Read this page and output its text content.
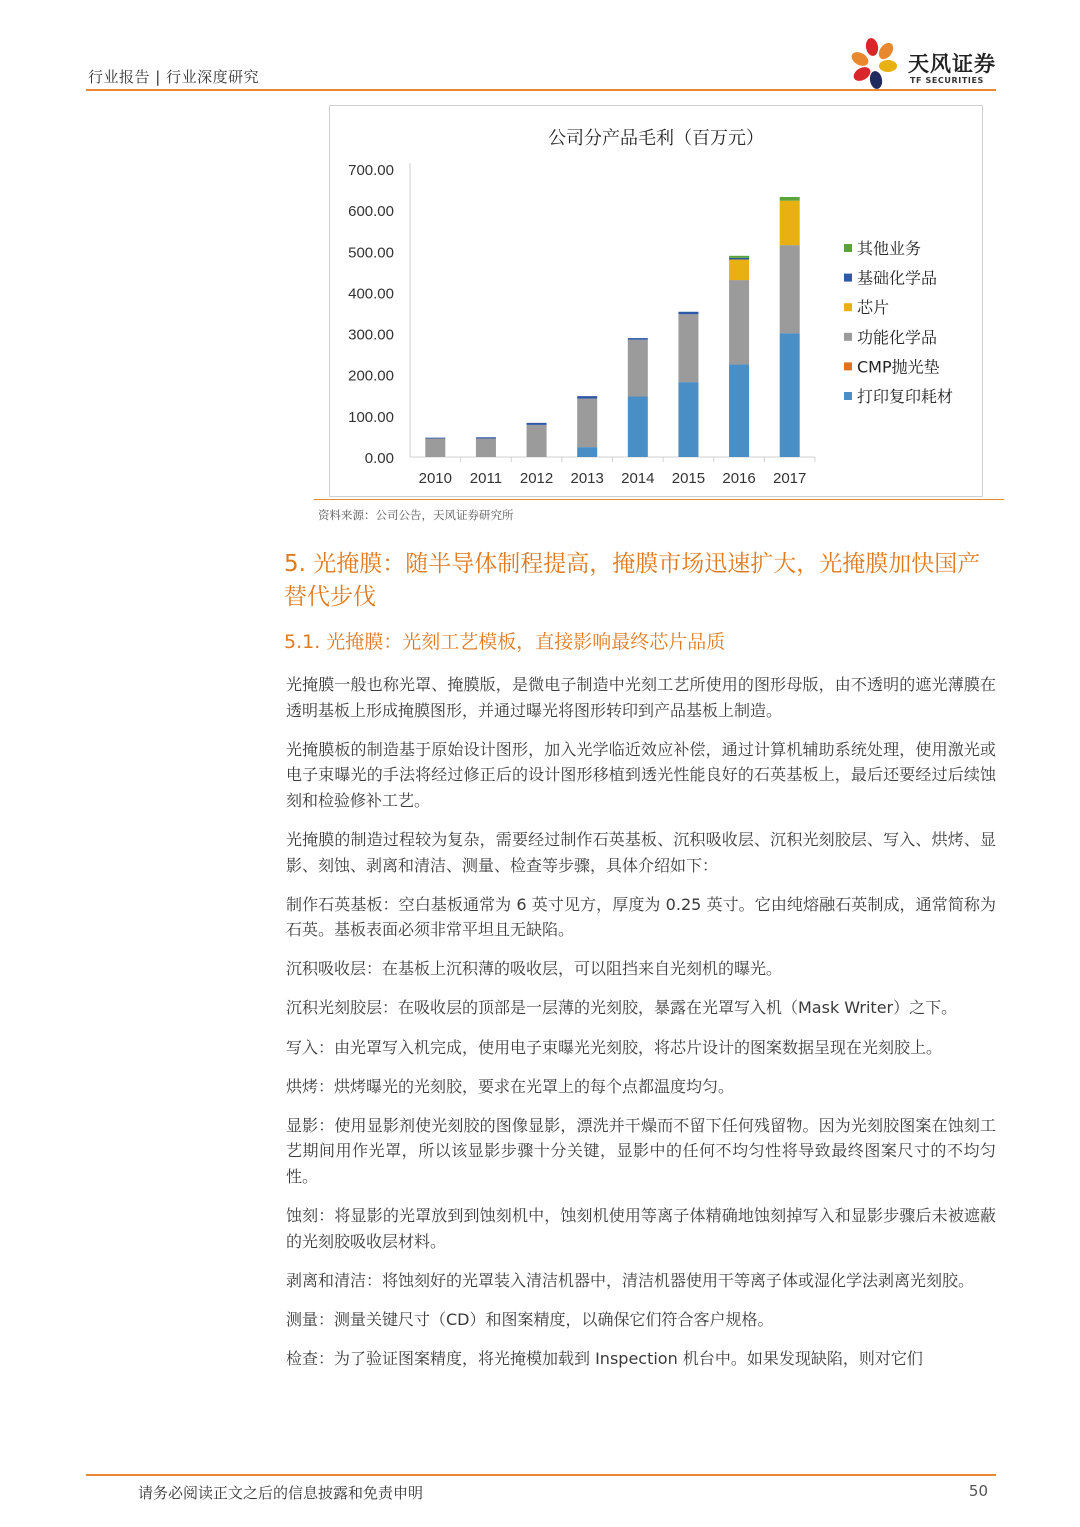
行业报告 | 行业深度研究
天风证券
TF SECURITIES
公司分产品毛利（百万元）
0.00
100.00
200.00
300.00
400.00
500.00
600.00
700.00
2010 2011 2012 2013 2014 2015 2016 2017
其他业务
基础化学品
芯片
功能化学品
CMP抛光垫
打印复印耗材
资料来源：公司公告，天风证券研究所
5. 光掩膜：随半导体制程提高，掩膜市场迅速扩大，光掩膜加快国产替代步伐
5.1. 光掩膜：光刻工艺模板，直接影响最终芯片品质

光掩膜一般也称光罩、掩膜版，是微电子制造中光刻工艺所使用的图形母版，由不透明的遮光薄膜在透明基板上形成掩膜图形，并通过曝光将图形转印到产品基板上制造。

光掩膜板的制造基于原始设计图形，加入光学临近效应补偿，通过计算机辅助系统处理，使用激光或电子束曝光的手法将经过修正后的设计图形移植到透光性能良好的石英基板上，最后还要经过后续蚀刻和检验修补工艺。

光掩膜的制造过程较为复杂，需要经过制作石英基板、沉积吸收层、沉积光刻胶层、写入、烘烤、显影、刻蚀、剥离和清洁、测量、检查等步骤，具体介绍如下：

制作石英基板：空白基板通常为 6 英寸见方，厚度为 0.25 英寸。它由纯熔融石英制成，通常简称为石英。基板表面必须非常平坦且无缺陷。

沉积吸收层：在基板上沉积薄的吸收层，可以阻挡来自光刻机的曝光。

沉积光刻胶层：在吸收层的顶部是一层薄的光刻胶，暴露在光罩写入机（Mask Writer）之下。

写入：由光罩写入机完成，使用电子束曝光光刻胶，将芯片设计的图案数据呈现在光刻胶上。

烘烤：烘烤曝光的光刻胶，要求在光罩上的每个点都温度均匀。

显影：使用显影剂使光刻胶的图像显影，漂洗并干燥而不留下任何残留物。因为光刻胶图案在蚀刻工艺期间用作光罩，所以该显影步骤十分关键，显影中的任何不均匀性将导致最终图案尺寸的不均匀性。

蚀刻：将显影的光罩放到到蚀刻机中，蚀刻机使用等离子体精确地蚀刻掉写入和显影步骤后未被遮蔽的光刻胶吸收层材料。

剥离和清洁：将蚀刻好的光罩装入清洁机器中，清洁机器使用干等离子体或湿化学法剥离光刻胶。

测量：测量关键尺寸（CD）和图案精度，以确保它们符合客户规格。

检查：为了验证图案精度，将光掩模加载到 Inspection 机台中。如果发现缺陷，则对它们

请务必阅读正文之后的信息披露和免责申明	50
